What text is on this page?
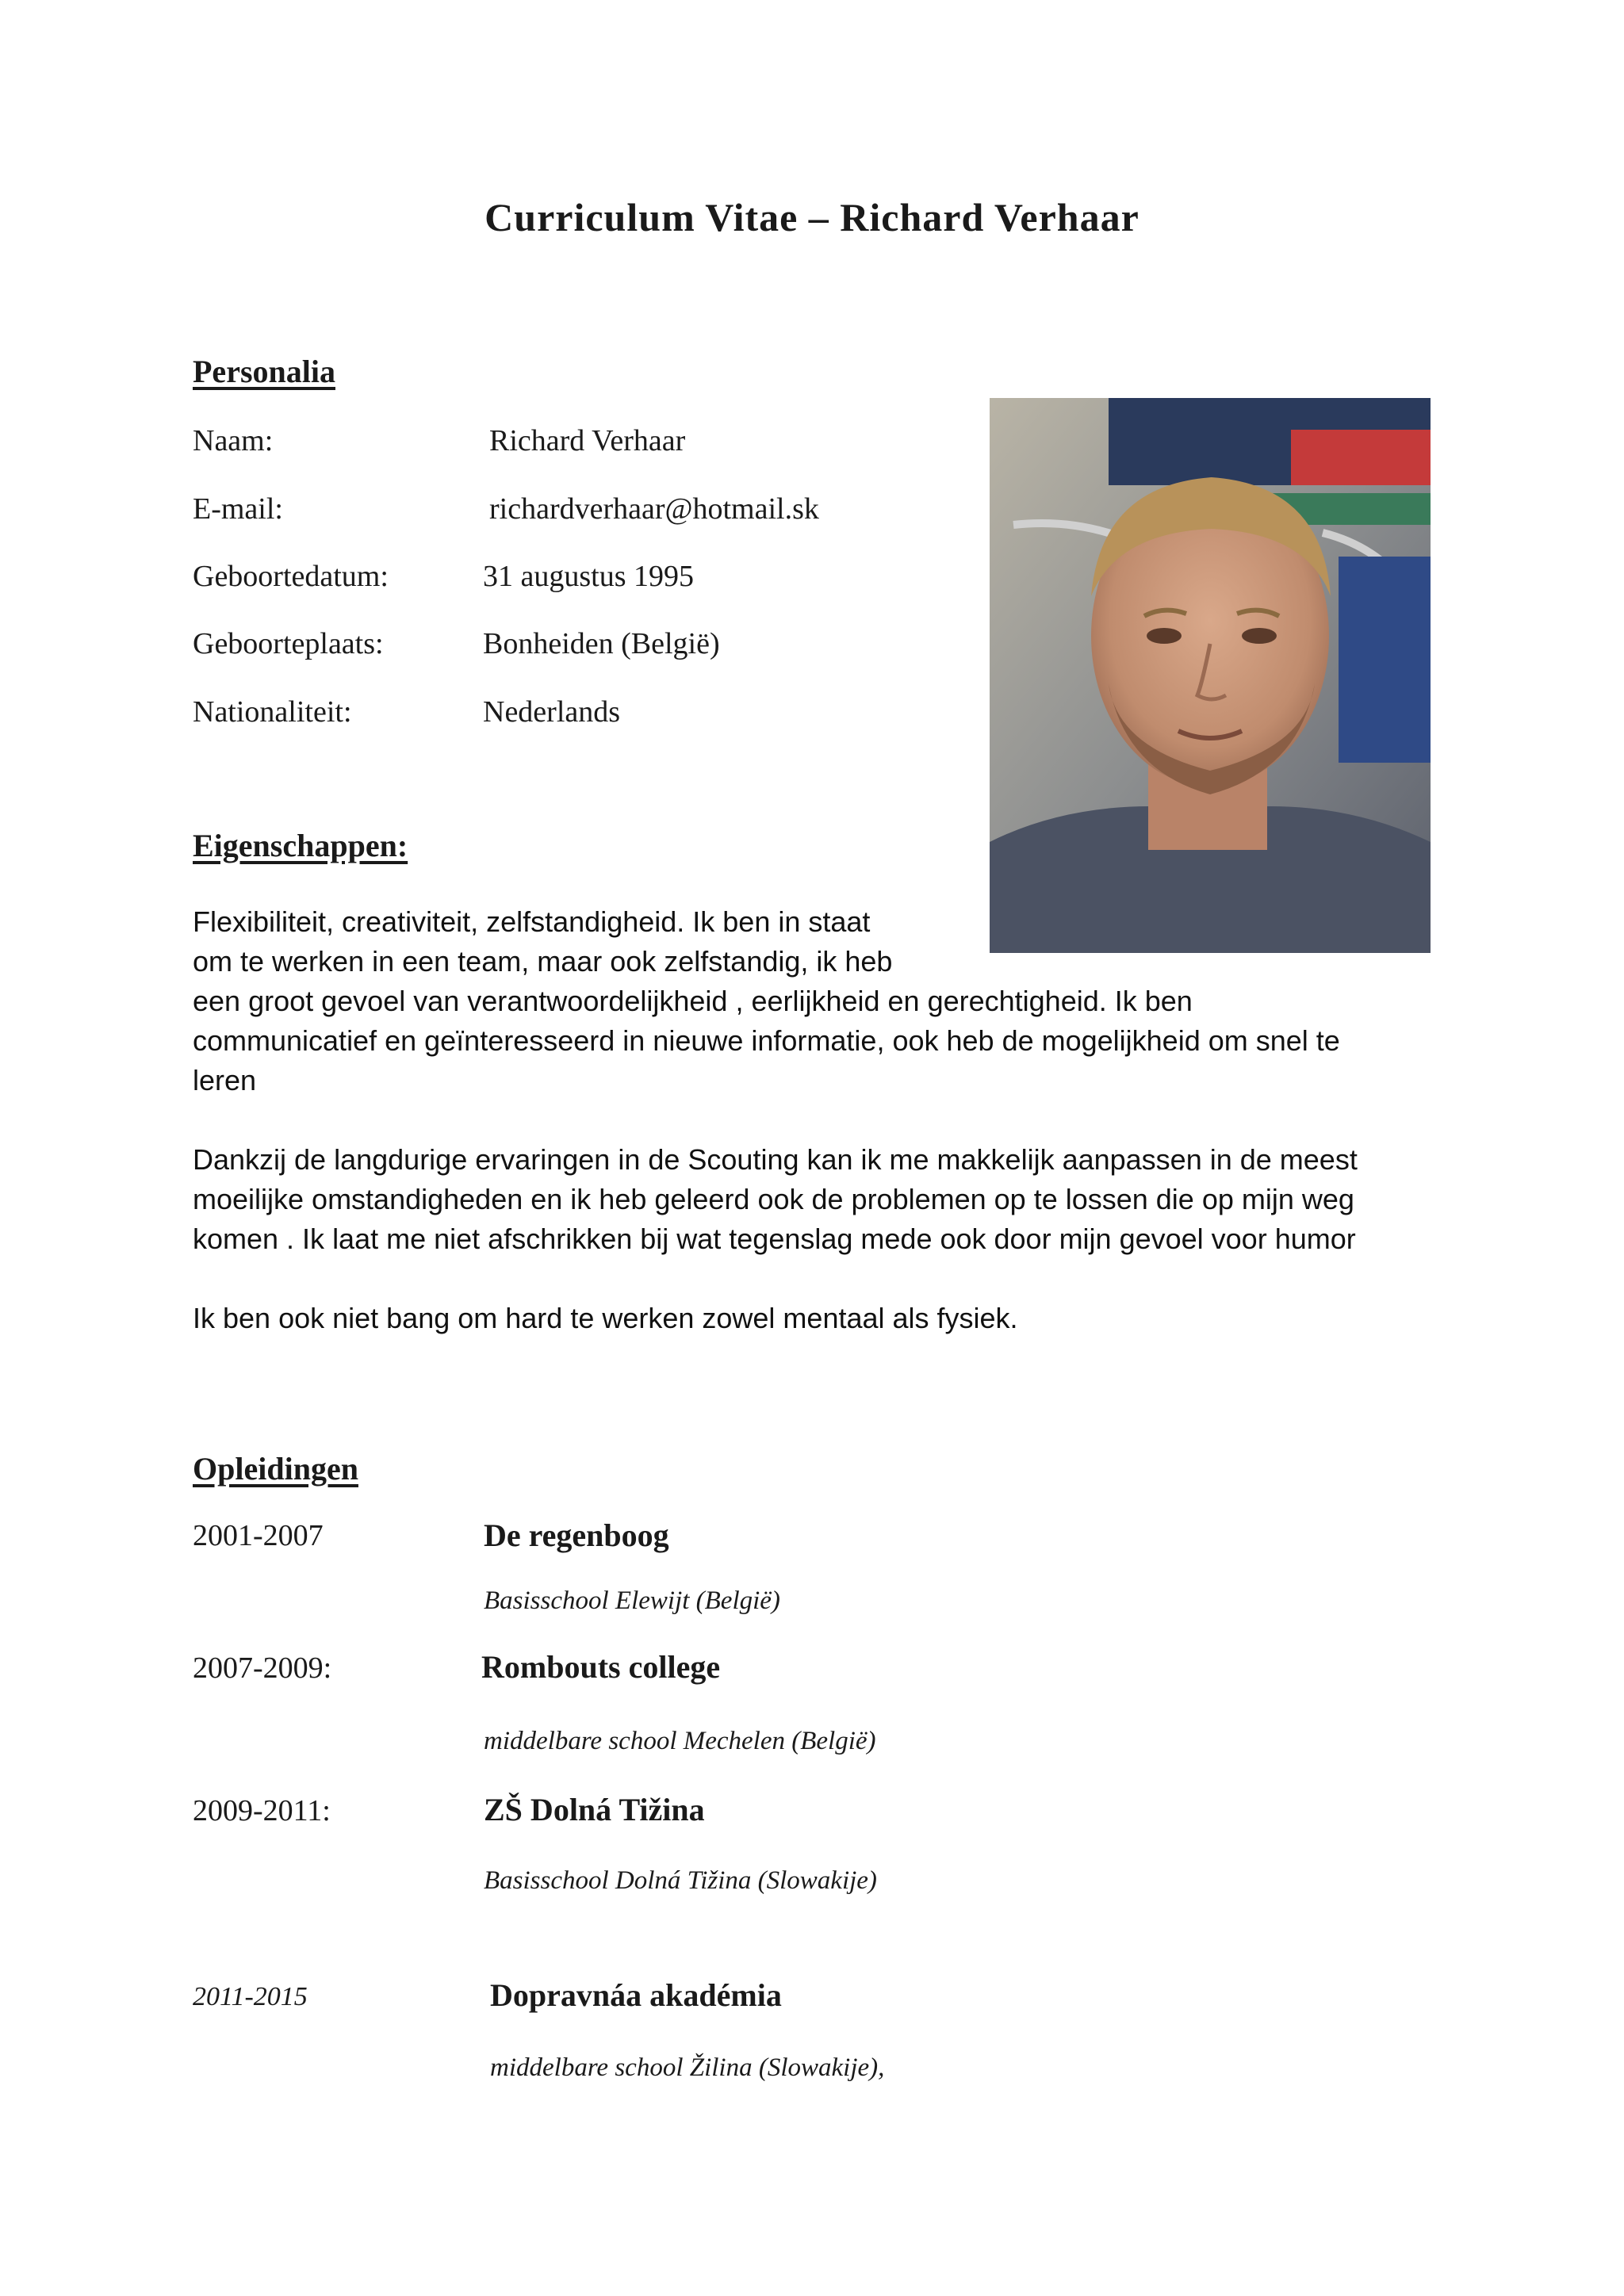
Curriculum Vitae – Richard Verhaar
Personalia
Naam:	Richard Verhaar
E-mail:	richardverhaar@hotmail.sk
Geboortedatum:	31 augustus 1995
Geboorteplaats:	Bonheiden (België)
Nationaliteit:	Nederlands
Eigenschappen:
Flexibiliteit, creativiteit, zelfstandigheid. Ik ben in staat
om te werken in een team, maar ook zelfstandig, ik heb
een groot gevoel van verantwoordelijkheid , eerlijkheid en gerechtigheid. Ik ben
communicatief en geïnteresseerd in nieuwe informatie, ook heb de mogelijkheid om snel te
leren
Dankzij de langdurige ervaringen in de Scouting kan ik me makkelijk aanpassen in de meest
moeilijke omstandigheden en ik heb geleerd ook de problemen op te lossen die op mijn weg
komen . Ik laat me niet afschrikken bij wat tegenslag mede ook door mijn gevoel voor humor
Ik ben ook niet bang om hard te werken zowel mentaal als fysiek.
Opleidingen
2001-2007	De regenboog
Basisschool Elewijt (België)
2007-2009:	Rombouts college
middelbare school Mechelen (België)
2009-2011:	ZŠ Dolná Tižina
Basisschool Dolná Tižina (Slowakije)
2011-2015	Dopravnáa akadémia
middelbare school Žilina (Slowakije),
